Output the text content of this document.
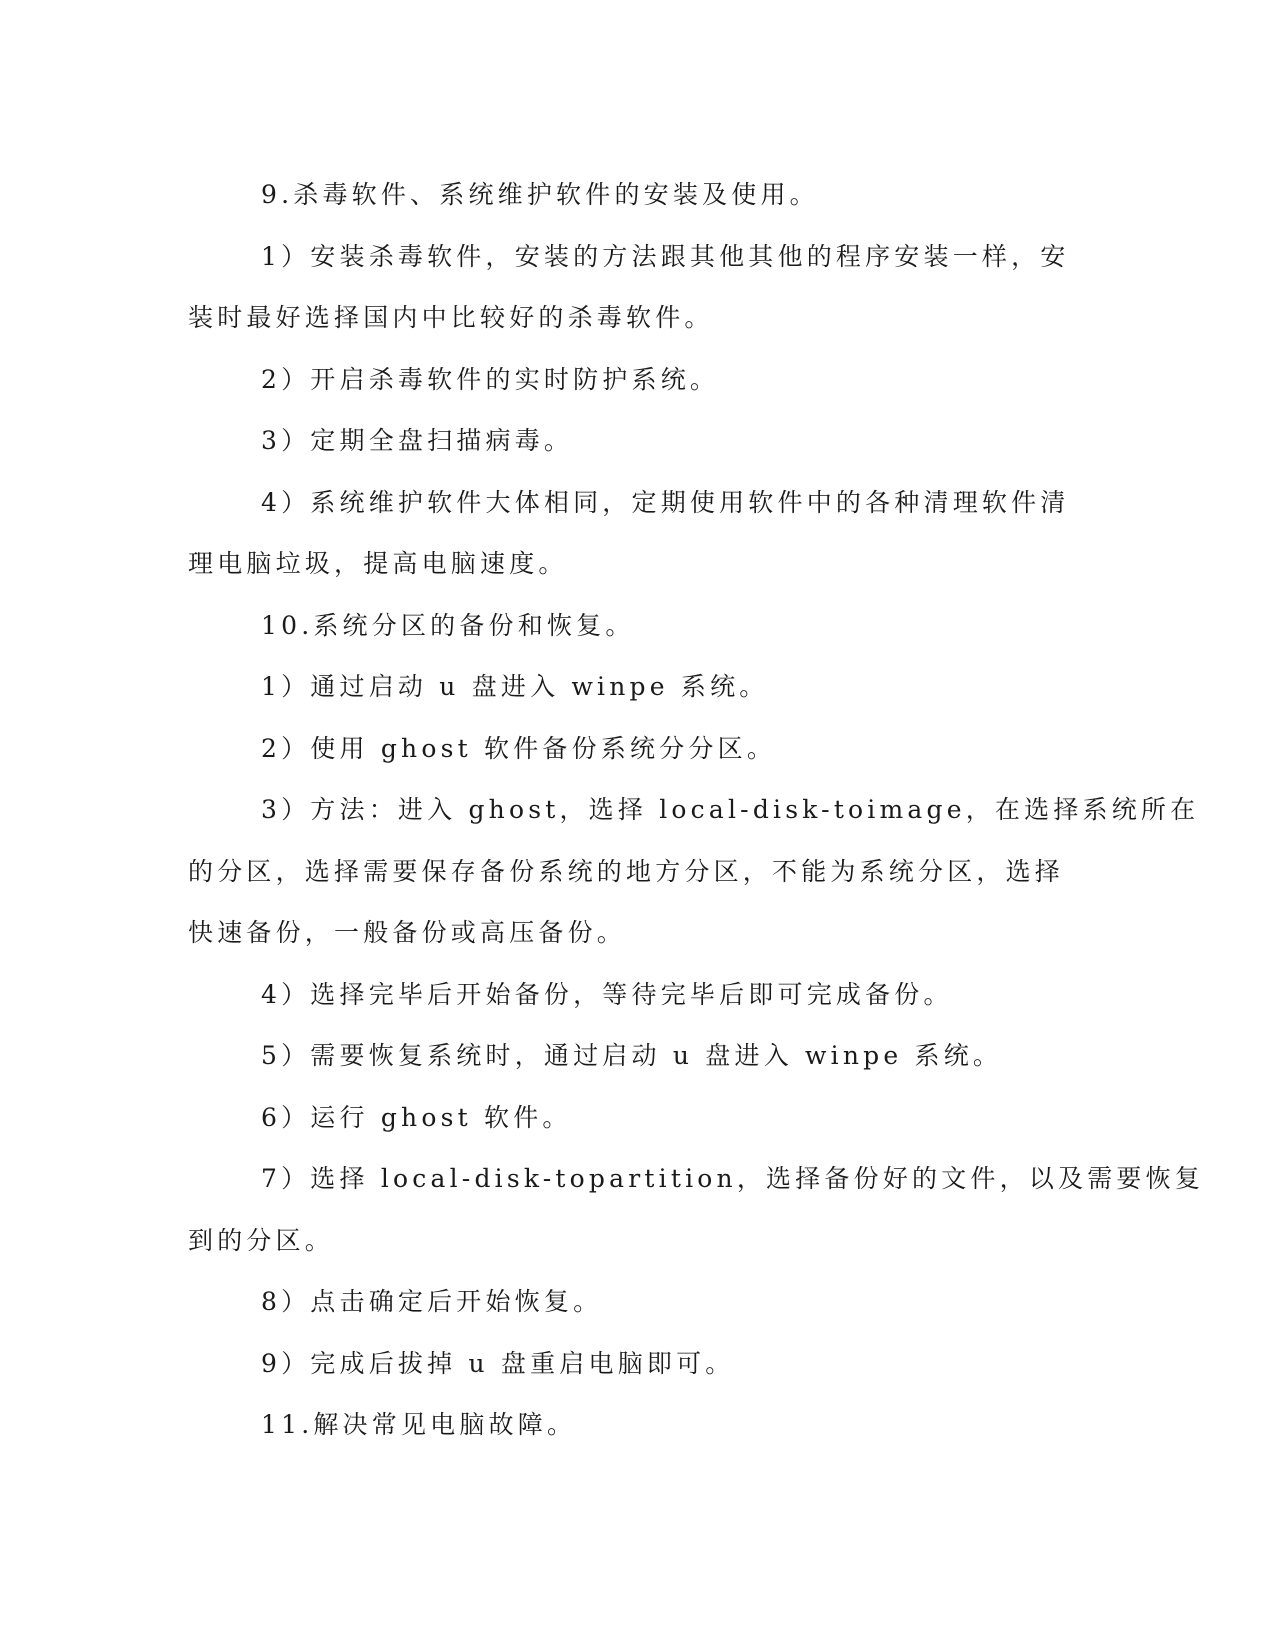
9.杀毒软件、系统维护软件的安装及使用。

1）安装杀毒软件，安装的方法跟其他其他的程序安装一样，安

装时最好选择国内中比较好的杀毒软件。

2）开启杀毒软件的实时防护系统。

3）定期全盘扫描病毒。

4）系统维护软件大体相同，定期使用软件中的各种清理软件清

理电脑垃圾，提高电脑速度。

10.系统分区的备份和恢复。

1）通过启动 u 盘进入 winpe 系统。

2）使用 ghost 软件备份系统分分区。

3）方法：进入 ghost，选择 local-disk-toimage，在选择系统所在

的分区，选择需要保存备份系统的地方分区，不能为系统分区，选择

快速备份，一般备份或高压备份。

4）选择完毕后开始备份，等待完毕后即可完成备份。

5）需要恢复系统时，通过启动 u 盘进入 winpe 系统。

6）运行 ghost 软件。

7）选择 local-disk-topartition，选择备份好的文件，以及需要恢复

到的分区。

8）点击确定后开始恢复。

9）完成后拔掉 u 盘重启电脑即可。

11.解决常见电脑故障。
